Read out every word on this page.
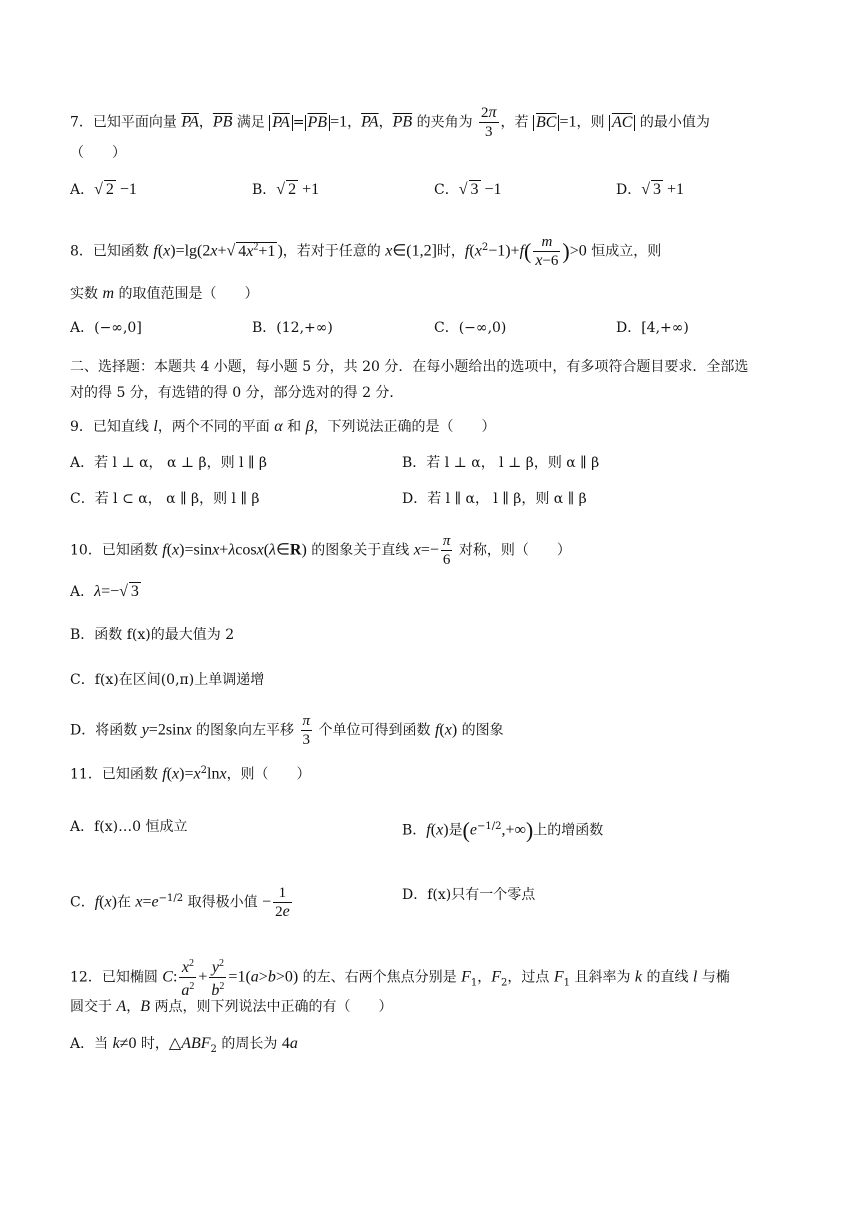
7．已知平面向量 $\overline{PA}$，$\overline{PB}$ 满足 $\overline{PA} = \overline{PB} =1$，$\overline{PA}$，$\overline{PB}$ 的夹角为 $\frac{2\pi}{3}$ ，若 $\overline{BC} =1$，则 $\overline{AC}$ 的最小值为
（　　）
A．√ 2 −1	B．√ 2 +1	C．√ 3 −1	D．√ 3 +1
8．已知函数 f(x)=lg(2x+√ $4x^2+1$ )，若对于任意的 x∈(1,2]时，$f(x^2-1)+f( \frac{m}{x-6} )>0$ 恒成立，则
实数 m 的取值范围是（　　）
A．(−∞,0]	B．(12,+∞)	C．(−∞,0)	D．[4,+∞)
二、选择题：本题共 4 小题，每小题 5 分，共 20 分．在每小题给出的选项中，有多项符合题目要求．全部选
对的得 5 分，有选错的得 0 分，部分选对的得 2 分．
9．已知直线 l，两个不同的平面 α 和 β，下列说法正确的是（　　）
A．若 l ⊥ α， α ⊥ β，则 l ∥ β	B．若 l ⊥ α， l ⊥ β，则 α ∥ β
C．若 l ⊂ α， α ∥ β，则 l ∥ β	D．若 l ∥ α， l ∥ β，则 α ∥ β
10．已知函数 f(x)=sinx+λcosx(λ∈R) 的图象关于直线 $x=- \frac{\pi}{6}$ 对称，则（　　）
A．λ=−√ 3
B．函数 f(x)的最大值为 2
C．f(x)在区间(0,π)上单调递增
D．将函数 y=2sinx 的图象向左平移 $\frac{\pi}{3}$ 个单位可得到函数 f(x) 的图象
11．已知函数 $f(x)=x^2\ln x$，则（　　）
A．f(x)…0 恒成立	B．f(x)是$(e^{-1/2},+\infty)$上的增函数
C．f(x)在 $x=e^{-1/2}$ 取得极小值 − $\frac{1}{2e}$	D．f(x)只有一个零点
12．已知椭圆 C: $\frac{x^2}{a^2} + \frac{y^2}{b^2} =1(a>b>0)$ 的左、右两个焦点分别是 $F_1$，$F_2$，过点 $F_1$ 且斜率为 k 的直线 l 与椭
圆交于 A，B 两点，则下列说法中正确的有（　　）
A．当 k≠0 时，$\triangle ABF_2$ 的周长为 4a
